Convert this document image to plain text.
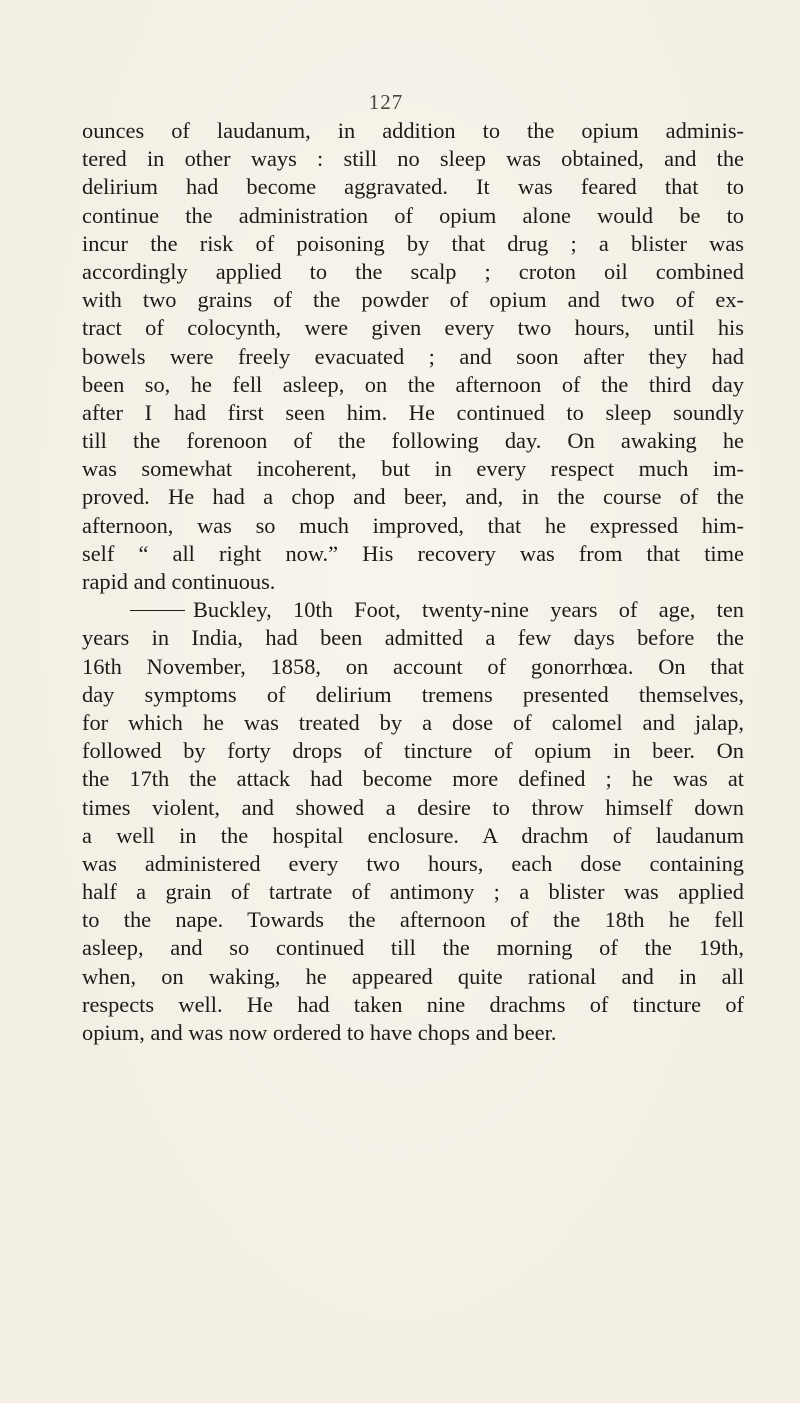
127
ounces of laudanum, in addition to the opium adminis-
tered in other ways : still no sleep was obtained, and the
delirium had become aggravated. It was feared that to
continue the administration of opium alone would be to
incur the risk of poisoning by that drug ; a blister was
accordingly applied to the scalp ; croton oil combined
with two grains of the powder of opium and two of ex-
tract of colocynth, were given every two hours, until his
bowels were freely evacuated ; and soon after they had
been so, he fell asleep, on the afternoon of the third day
after I had first seen him. He continued to sleep soundly
till the forenoon of the following day. On awaking he
was somewhat incoherent, but in every respect much im-
proved. He had a chop and beer, and, in the course of the
afternoon, was so much improved, that he expressed him-
self “ all right now.” His recovery was from that time
rapid and continuous.
Buckley, 10th Foot, twenty-nine years of age, ten
years in India, had been admitted a few days before the
16th November, 1858, on account of gonorrhœa. On that
day symptoms of delirium tremens presented themselves,
for which he was treated by a dose of calomel and jalap,
followed by forty drops of tincture of opium in beer. On
the 17th the attack had become more defined ; he was at
times violent, and showed a desire to throw himself down
a well in the hospital enclosure. A drachm of laudanum
was administered every two hours, each dose containing
half a grain of tartrate of antimony ; a blister was applied
to the nape. Towards the afternoon of the 18th he fell
asleep, and so continued till the morning of the 19th,
when, on waking, he appeared quite rational and in all
respects well. He had taken nine drachms of tincture of
opium, and was now ordered to have chops and beer.
